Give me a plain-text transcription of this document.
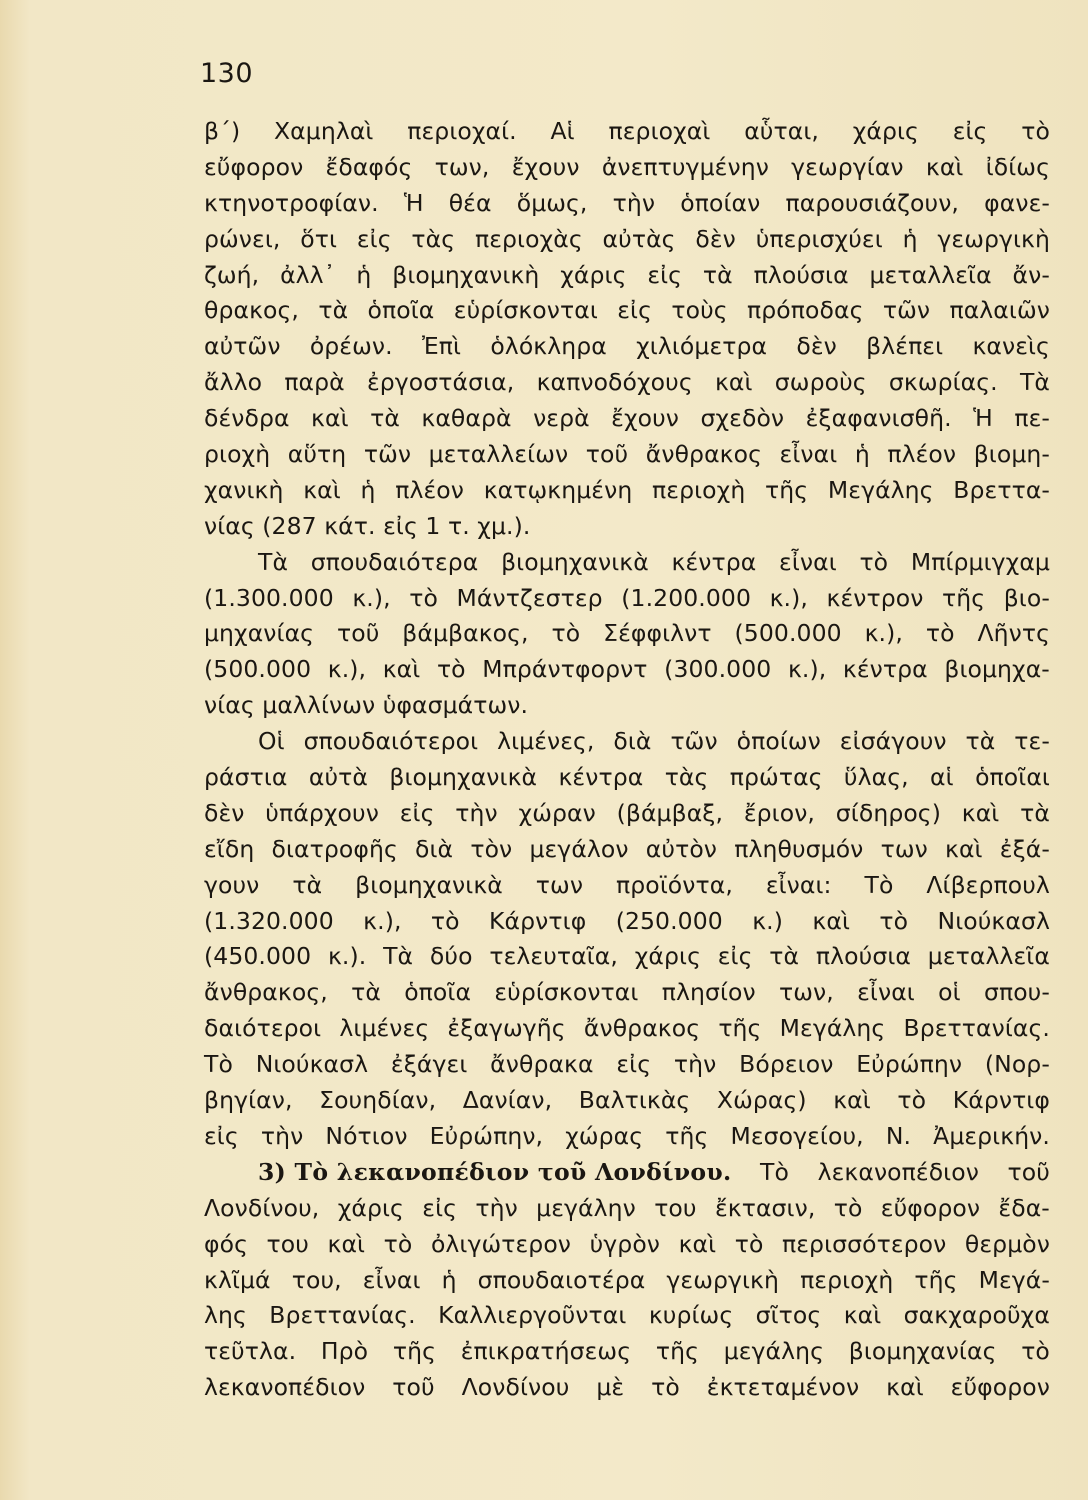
130
β΄) Χαμηλαὶ περιοχαί. Αἱ περιοχαὶ αὗται, χάρις εἰς τὸ
εὔφορον ἔδαφός των, ἔχουν ἀνεπτυγμένην γεωργίαν καὶ ἰδίως
κτηνοτροφίαν. Ἡ θέα ὅμως, τὴν ὁποίαν παρουσιάζουν, φανε-
ρώνει, ὅτι εἰς τὰς περιοχὰς αὐτὰς δὲν ὑπερισχύει ἡ γεωργικὴ
ζωή, ἀλλ᾽ ἡ βιομηχανικὴ χάρις εἰς τὰ πλούσια μεταλλεῖα ἄν-
θρακος, τὰ ὁποῖα εὑρίσκονται εἰς τοὺς πρόποδας τῶν παλαιῶν
αὐτῶν ὀρέων. Ἐπὶ ὁλόκληρα χιλιόμετρα δὲν βλέπει κανεὶς
ἄλλο παρὰ ἐργοστάσια, καπνοδόχους καὶ σωροὺς σκωρίας. Τὰ
δένδρα καὶ τὰ καθαρὰ νερὰ ἔχουν σχεδὸν ἐξαφανισθῆ. Ἡ πε-
ριοχὴ αὕτη τῶν μεταλλείων τοῦ ἄνθρακος εἶναι ἡ πλέον βιομη-
χανικὴ καὶ ἡ πλέον κατῳκημένη περιοχὴ τῆς Μεγάλης Βρεττα-
νίας (287 κάτ. εἰς 1 τ. χμ.).
Τὰ σπουδαιότερα βιομηχανικὰ κέντρα εἶναι τὸ Μπίρμιγχαμ
(1.300.000 κ.), τὸ Μάντζεστερ (1.200.000 κ.), κέντρον τῆς βιο-
μηχανίας τοῦ βάμβακος, τὸ Σέφφιλντ (500.000 κ.), τὸ Λῆντς
(500.000 κ.), καὶ τὸ Μπράντφορντ (300.000 κ.), κέντρα βιομηχα-
νίας μαλλίνων ὑφασμάτων.
Οἱ σπουδαιότεροι λιμένες, διὰ τῶν ὁποίων εἰσάγουν τὰ τε-
ράστια αὐτὰ βιομηχανικὰ κέντρα τὰς πρώτας ὕλας, αἱ ὁποῖαι
δὲν ὑπάρχουν εἰς τὴν χώραν (βάμβαξ, ἔριον, σίδηρος) καὶ τὰ
εἴδη διατροφῆς διὰ τὸν μεγάλον αὐτὸν πληθυσμόν των καὶ ἐξά-
γουν τὰ βιομηχανικὰ των προϊόντα, εἶναι: Τὸ Λίβερπουλ
(1.320.000 κ.), τὸ Κάρντιφ (250.000 κ.) καὶ τὸ Νιούκασλ
(450.000 κ.). Τὰ δύο τελευταῖα, χάρις εἰς τὰ πλούσια μεταλλεῖα
ἄνθρακος, τὰ ὁποῖα εὑρίσκονται πλησίον των, εἶναι οἱ σπου-
δαιότεροι λιμένες ἐξαγωγῆς ἄνθρακος τῆς Μεγάλης Βρεττανίας.
Τὸ Νιούκασλ ἐξάγει ἄνθρακα εἰς τὴν Βόρειον Εὐρώπην (Νορ-
βηγίαν, Σουηδίαν, Δανίαν, Βαλτικὰς Χώρας) καὶ τὸ Κάρντιφ
εἰς τὴν Νότιον Εὐρώπην, χώρας τῆς Μεσογείου, Ν. Ἀμερικήν.
3) Τὸ λεκανοπέδιον τοῦ Λονδίνου. Τὸ λεκανοπέδιον τοῦ
Λονδίνου, χάρις εἰς τὴν μεγάλην του ἔκτασιν, τὸ εὔφορον ἔδα-
φός του καὶ τὸ ὀλιγώτερον ὑγρὸν καὶ τὸ περισσότερον θερμὸν
κλῖμά του, εἶναι ἡ σπουδαιοτέρα γεωργικὴ περιοχὴ τῆς Μεγά-
λης Βρεττανίας. Καλλιεργοῦνται κυρίως σῖτος καὶ σακχαροῦχα
τεῦτλα. Πρὸ τῆς ἐπικρατήσεως τῆς μεγάλης βιομηχανίας τὸ
λεκανοπέδιον τοῦ Λονδίνου μὲ τὸ ἐκτεταμένον καὶ εὔφορον
